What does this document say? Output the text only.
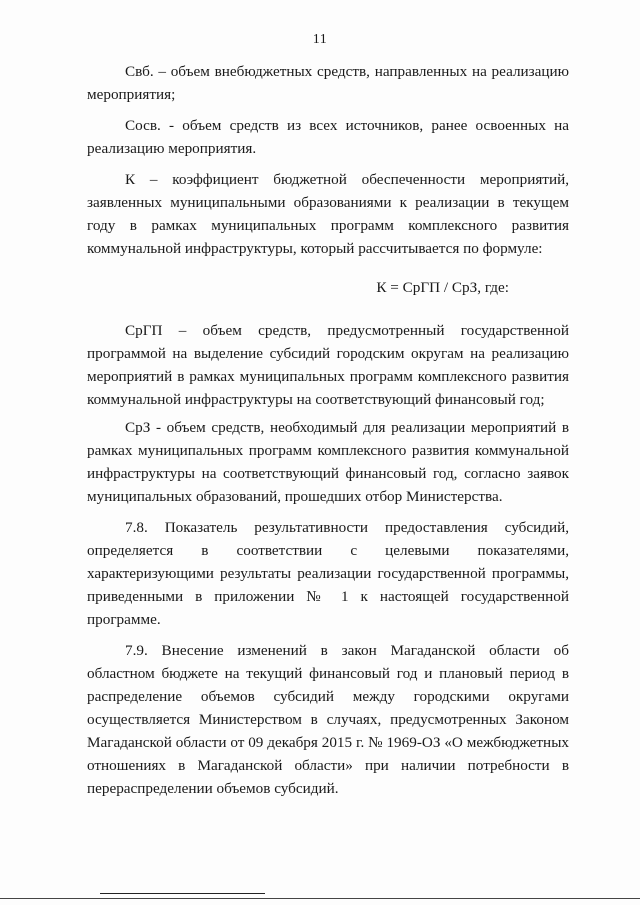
11

Свб. – объем внебюджетных средств, направленных на реализацию мероприятия;

Сосв. - объем средств из всех источников, ранее освоенных на реализацию мероприятия.

К – коэффициент бюджетной обеспеченности мероприятий, заявленных муниципальными образованиями к реализации в текущем году в рамках муниципальных программ комплексного развития коммунальной инфраструктуры, который рассчитывается по формуле:

К = СрГП / СрЗ, где:

СрГП – объем средств, предусмотренный государственной программой на выделение субсидий городским округам на реализацию мероприятий в рамках муниципальных программ комплексного развития коммунальной инфраструктуры на соответствующий финансовый год;

СрЗ - объем средств, необходимый для реализации мероприятий в рамках муниципальных программ комплексного развития коммунальной инфраструктуры на соответствующий финансовый год, согласно заявок муниципальных образований, прошедших отбор Министерства.

7.8. Показатель результативности предоставления субсидий, определяется в соответствии с целевыми показателями, характеризующими результаты реализации государственной программы, приведенными в приложении № 1 к настоящей государственной программе.

7.9. Внесение изменений в закон Магаданской области об областном бюджете на текущий финансовый год и плановый период в распределение объемов субсидий между городскими округами осуществляется Министерством в случаях, предусмотренных Законом Магаданской области от 09 декабря 2015 г. № 1969-ОЗ «О межбюджетных отношениях в Магаданской области» при наличии потребности в перераспределении объемов субсидий.
